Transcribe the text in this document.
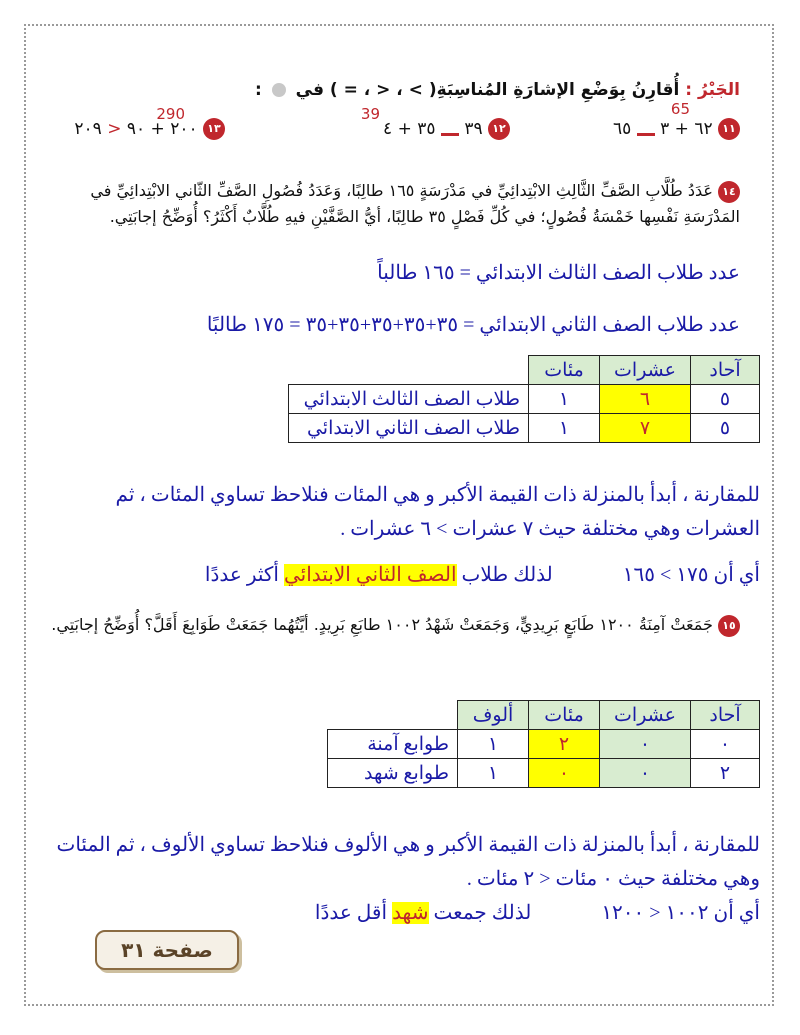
الجَبْرُ : أُقارِنُ بِوَضْعِ الإشارَةِ المُناسِبَةِ( > ، < ، = ) في  :
١١ ٦٢ + ٣  ٦٥
65
١٢ ٣٩  ٣٥ + ٤
39
١٣ ٢٠٠ + ٩٠ < ٢٠٩
290
١٤ عَدَدُ طُلَّابِ الصَّفِّ الثَّالِثِ الابْتِدائِيِّ في مَدْرَسَةٍ ١٦٥ طالِبًا، وَعَدَدُ فُصُولِ الصَّفِّ الثّاني الابْتِدائِيِّ في المَدْرَسَةِ نَفْسِها خَمْسَةُ فُصُولٍ؛ في كُلِّ فَصْلٍ ٣٥ طالِبًا، أيُّ الصَّفَّيْنِ فيهِ طُلَّابٌ أَكْثَرُ؟ أُوَضِّحُ إجابَتِي.
عدد طلاب الصف الثالث الابتدائي = ١٦٥ طالباً
عدد طلاب الصف الثاني الابتدائي = ٣٥+٣٥+٣٥+٣٥+٣٥ = ١٧٥ طالبًا
آحاد	عشرات	مئات	
٥	٦	١	طلاب الصف الثالث الابتدائي
٥	٧	١	طلاب الصف الثاني الابتدائي
للمقارنة ، أبدأ بالمنزلة ذات القيمة الأكبر و هي المئات فنلاحظ تساوي المئات ، ثم العشرات وهي مختلفة حيث ٧ عشرات > ٦ عشرات .
أي أن ١٧٥ > ١٦٥  لذلك طلاب الصف الثاني الابتدائي أكثر عددًا
١٥ جَمَعَتْ آمِنَةُ ١٢٠٠ طَابَعٍ بَرِيدِيٍّ، وَجَمَعَتْ شَهْدُ ١٠٠٢ طابَعِ بَرِيدٍ. أيَّتُهُما جَمَعَتْ طَوَابِعَ أَقَلَّ؟ أُوَضِّحُ إجابَتِي.
آحاد	عشرات	مئات	ألوف	
٠	٠	٢	١	طوابع آمنة
٢	٠	٠	١	طوابع شهد
للمقارنة ، أبدأ بالمنزلة ذات القيمة الأكبر و هي الألوف فنلاحظ تساوي الألوف ، ثم المئات وهي مختلفة حيث ٠ مئات < ٢ مئات .
أي أن ١٠٠٢ < ١٢٠٠  لذلك جمعت شهد أقل عددًا
صفحة ٣١
